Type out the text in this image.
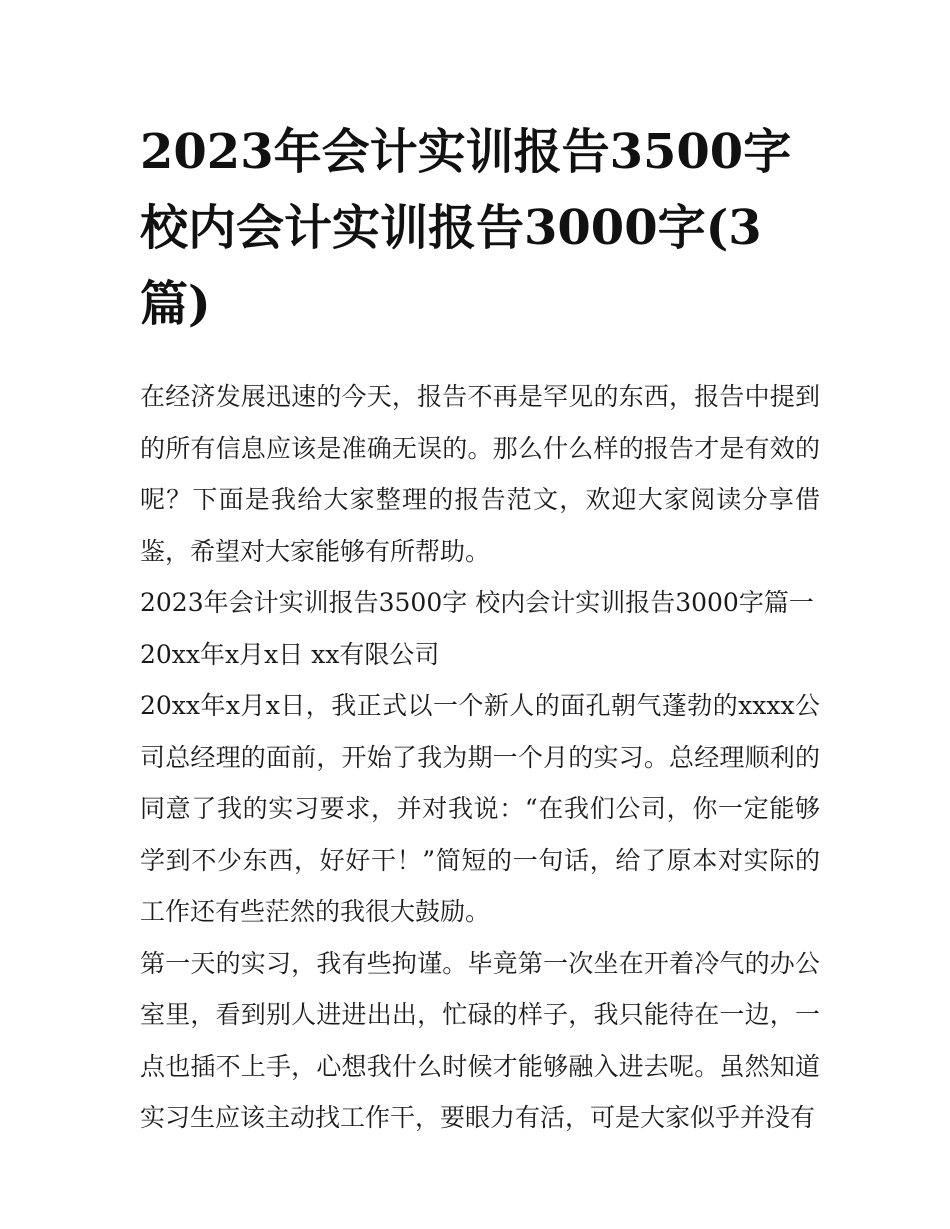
2023年会计实训报告3500字
校内会计实训报告3000字(3
篇)

在经济发展迅速的今天，报告不再是罕见的东西，报告中提到的所有信息应该是准确无误的。那么什么样的报告才是有效的呢？下面是我给大家整理的报告范文，欢迎大家阅读分享借鉴，希望对大家能够有所帮助。

2023年会计实训报告3500字 校内会计实训报告3000字篇一

20xx年x月x日 xx有限公司

20xx年x月x日，我正式以一个新人的面孔朝气蓬勃的xxxx公司总经理的面前，开始了我为期一个月的实习。总经理顺利的同意了我的实习要求，并对我说：“在我们公司，你一定能够学到不少东西，好好干！”简短的一句话，给了原本对实际的工作还有些茫然的我很大鼓励。

第一天的实习，我有些拘谨。毕竟第一次坐在开着冷气的办公室里，看到别人进进出出，忙碌的样子，我只能待在一边，一点也插不上手，心想我什么时候才能够融入进去呢。虽然知道实习生应该主动找工作干，要眼力有活，可是大家似乎并没有
